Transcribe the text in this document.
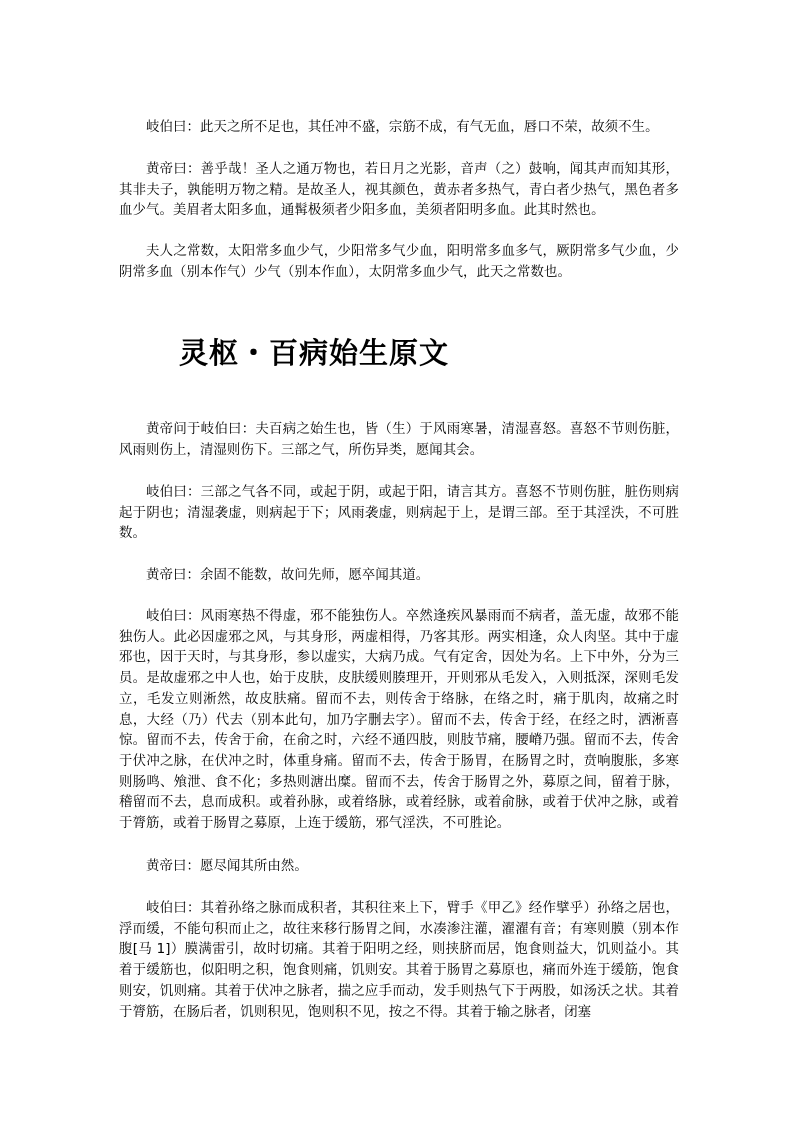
岐伯曰：此天之所不足也，其任冲不盛，宗筋不成，有气无血，唇口不荣，故须不生。

黄帝曰：善乎哉！圣人之通万物也，若日月之光影，音声（之）鼓响，闻其声而知其形，其非夫子，孰能明万物之精。是故圣人，视其颜色，黄赤者多热气，青白者少热气，黑色者多血少气。美眉者太阳多血，通髯极须者少阳多血，美须者阳明多血。此其时然也。

夫人之常数，太阳常多血少气，少阳常多气少血，阳明常多血多气，厥阴常多气少血，少阴常多血（别本作气）少气（别本作血），太阴常多血少气，此天之常数也。

灵枢・百病始生原文

黄帝问于岐伯曰：夫百病之始生也，皆（生）于风雨寒暑，清湿喜怒。喜怒不节则伤脏，风雨则伤上，清湿则伤下。三部之气，所伤异类，愿闻其会。

岐伯曰：三部之气各不同，或起于阴，或起于阳，请言其方。喜怒不节则伤脏，脏伤则病起于阴也；清湿袭虚，则病起于下；风雨袭虚，则病起于上，是谓三部。至于其淫泆，不可胜数。

黄帝曰：余固不能数，故问先师，愿卒闻其道。

岐伯曰：风雨寒热不得虚，邪不能独伤人。卒然逢疾风暴雨而不病者，盖无虚，故邪不能独伤人。此必因虚邪之风，与其身形，两虚相得，乃客其形。两实相逢，众人肉坚。其中于虚邪也，因于天时，与其身形，参以虚实，大病乃成。气有定舍，因处为名。上下中外，分为三员。是故虚邪之中人也，始于皮肤，皮肤缓则腠理开，开则邪从毛发入，入则抵深，深则毛发立，毛发立则淅然，故皮肤痛。留而不去，则传舍于络脉，在络之时，痛于肌肉，故痛之时息，大经（乃）代去（别本此句，加乃字删去字）。留而不去，传舍于经，在经之时，洒淅喜惊。留而不去，传舍于俞，在俞之时，六经不通四肢，则肢节痛，腰嵴乃强。留而不去，传舍于伏冲之脉，在伏冲之时，体重身痛。留而不去，传舍于肠胃，在肠胃之时，贲响腹胀，多寒则肠鸣、飧泄、食不化；多热则溏出糜。留而不去，传舍于肠胃之外，募原之间，留着于脉，稽留而不去，息而成积。或着孙脉，或着络脉，或着经脉，或着俞脉，或着于伏冲之脉，或着于膂筋，或着于肠胃之募原，上连于缓筋，邪气淫泆，不可胜论。

黄帝曰：愿尽闻其所由然。

岐伯曰：其着孙络之脉而成积者，其积往来上下，臂手《甲乙》经作擘乎）孙络之居也，浮而缓，不能句积而止之，故往来移行肠胃之间，水凑渗注灌，濯濯有音；有寒则膜（别本作腹[马 1]）膜满雷引，故时切痛。其着于阳明之经，则挟脐而居，饱食则益大，饥则益小。其着于缓筋也，似阳明之积，饱食则痛，饥则安。其着于肠胃之募原也，痛而外连于缓筋，饱食则安，饥则痛。其着于伏冲之脉者，揣之应手而动，发手则热气下于两股，如汤沃之状。其着于膂筋，在肠后者，饥则积见，饱则积不见，按之不得。其着于输之脉者，闭塞
